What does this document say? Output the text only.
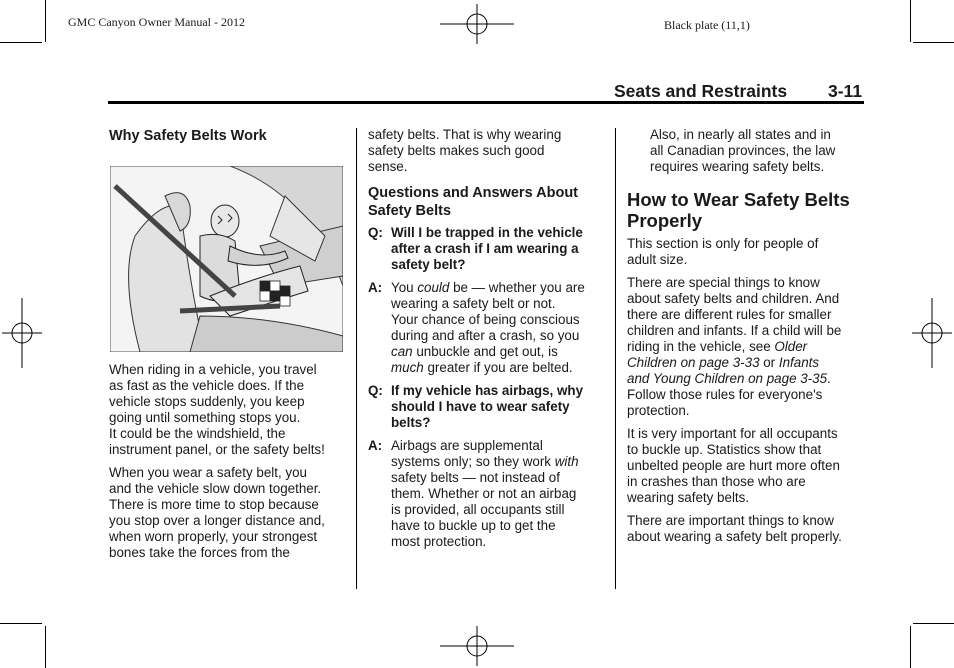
GMC Canyon Owner Manual - 2012	Black plate (11,1)
Seats and Restraints 3-11
Why Safety Belts Work

When riding in a vehicle, you travel
as fast as the vehicle does. If the
vehicle stops suddenly, you keep
going until something stops you.
It could be the windshield, the
instrument panel, or the safety belts!

When you wear a safety belt, you
and the vehicle slow down together.
There is more time to stop because
you stop over a longer distance and,
when worn properly, your strongest
bones take the forces from the

safety belts. That is why wearing
safety belts makes such good
sense.

Questions and Answers About
Safety Belts
Q: Will I be trapped in the vehicle
after a crash if I am wearing a
safety belt?
A: You could be — whether you are
wearing a safety belt or not.
Your chance of being conscious
during and after a crash, so you
can unbuckle and get out, is
much greater if you are belted.
Q: If my vehicle has airbags, why
should I have to wear safety
belts?
A: Airbags are supplemental
systems only; so they work with
safety belts — not instead of
them. Whether or not an airbag
is provided, all occupants still
have to buckle up to get the
most protection.

Also, in nearly all states and in
all Canadian provinces, the law
requires wearing safety belts.

How to Wear Safety Belts
Properly

This section is only for people of
adult size.

There are special things to know
about safety belts and children. And
there are different rules for smaller
children and infants. If a child will be
riding in the vehicle, see Older
Children on page 3-33 or Infants
and Young Children on page 3-35.
Follow those rules for everyone's
protection.

It is very important for all occupants
to buckle up. Statistics show that
unbelted people are hurt more often
in crashes than those who are
wearing safety belts.

There are important things to know
about wearing a safety belt properly.
